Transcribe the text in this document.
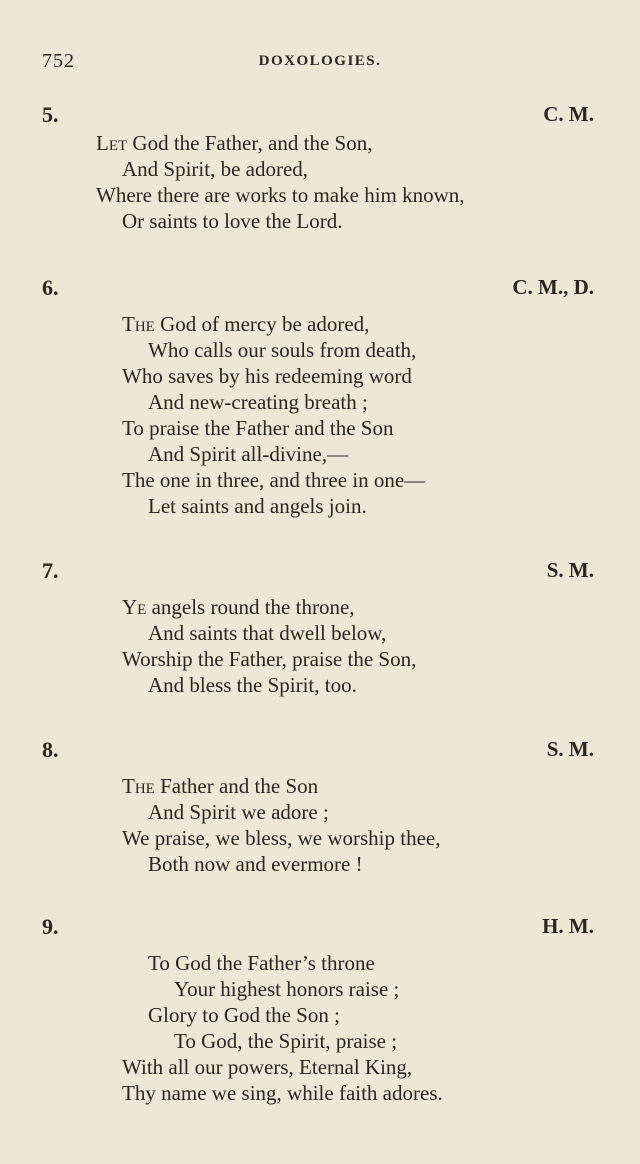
752	DOXOLOGIES.
5.	C. M.
Let God the Father, and the Son,
And Spirit, be adored,
Where there are works to make him known,
Or saints to love the Lord.
6.	C. M., D.
The God of mercy be adored,
Who calls our souls from death,
Who saves by his redeeming word
And new-creating breath ;
To praise the Father and the Son
And Spirit all-divine,—
The one in three, and three in one—
Let saints and angels join.
7.	S. M.
Ye angels round the throne,
And saints that dwell below,
Worship the Father, praise the Son,
And bless the Spirit, too.
8.	S. M.
The Father and the Son
And Spirit we adore ;
We praise, we bless, we worship thee,
Both now and evermore !
9.	H. M.
To God the Father’s throne
Your highest honors raise ;
Glory to God the Son ;
To God, the Spirit, praise ;
With all our powers, Eternal King,
Thy name we sing, while faith adores.
